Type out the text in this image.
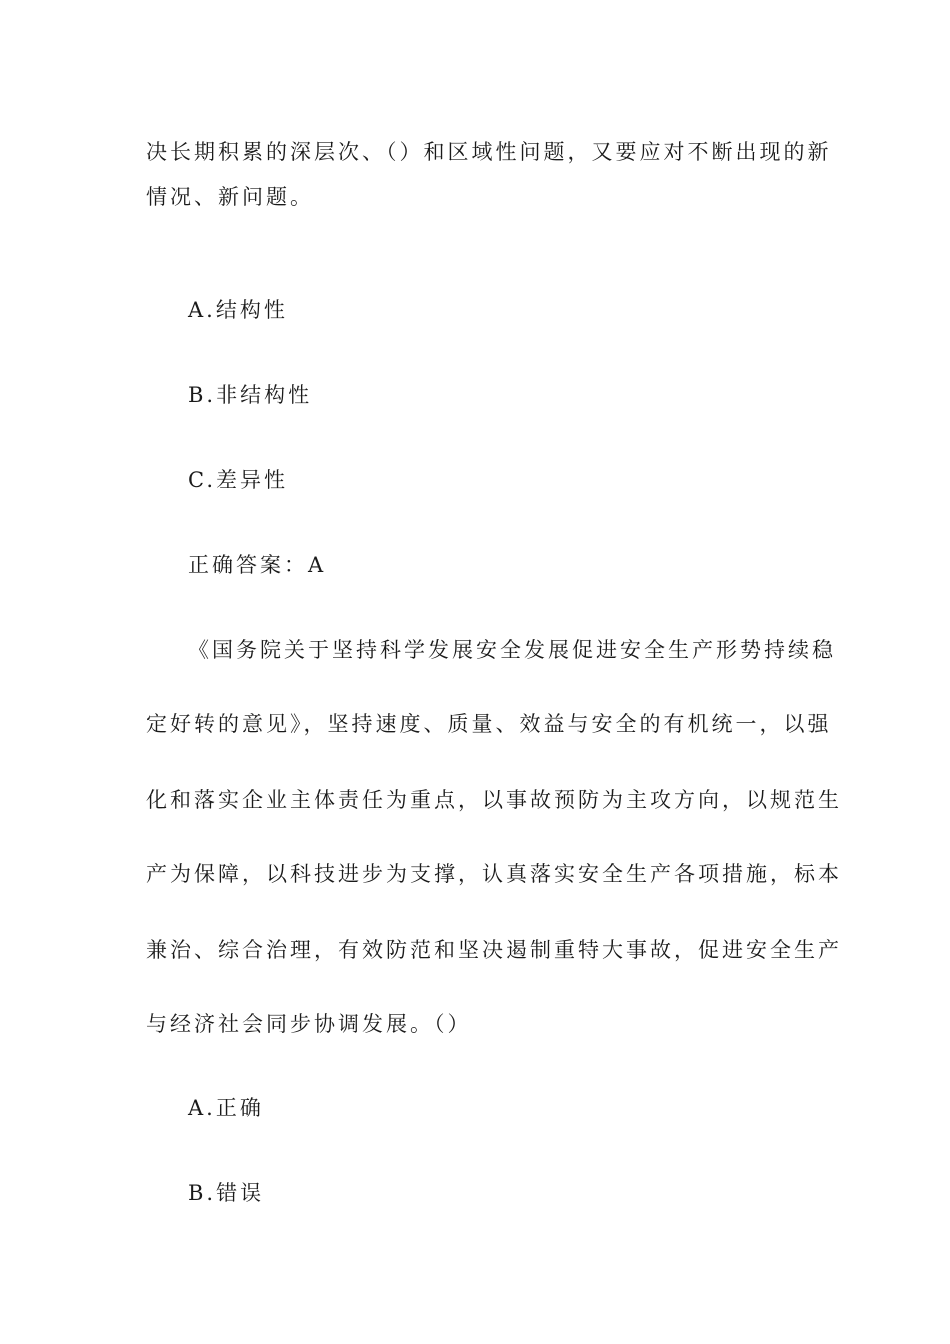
决长期积累的深层次、（）和区域性问题，又要应对不断出现的新
情况、新问题。
A.结构性
B.非结构性
C.差异性
正确答案：A
《国务院关于坚持科学发展安全发展促进安全生产形势持续稳
定好转的意见》，坚持速度、质量、效益与安全的有机统一，以强
化和落实企业主体责任为重点，以事故预防为主攻方向，以规范生
产为保障，以科技进步为支撑，认真落实安全生产各项措施，标本
兼治、综合治理，有效防范和坚决遏制重特大事故，促进安全生产
与经济社会同步协调发展。（）
A.正确
B.错误
